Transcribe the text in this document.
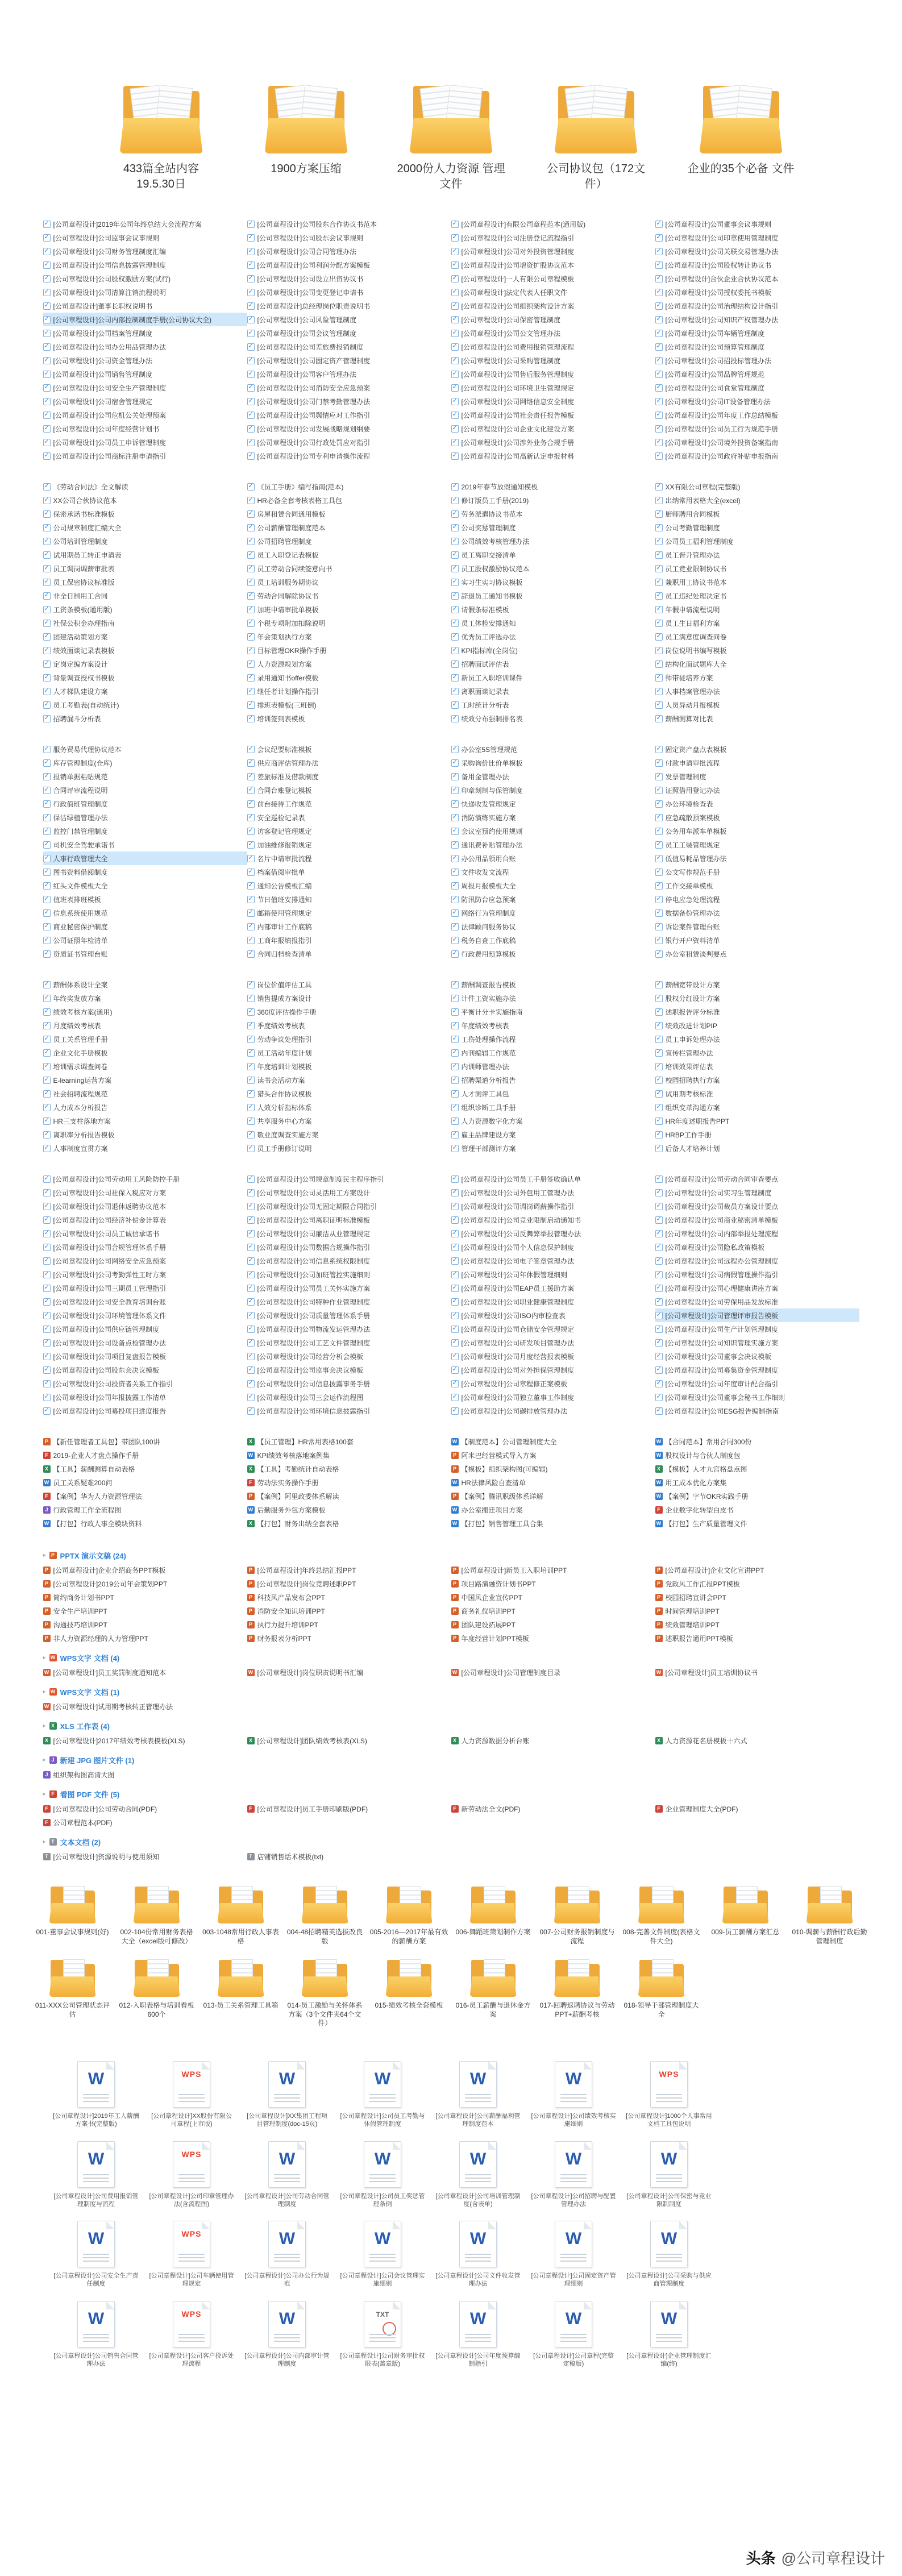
433篇全站内容 19.5.30日
1900方案压缩	2000份人力资源 管理文件
公司协议包（172文件）
企业的35个必备 文件
✓
[公司章程设计]2019年公司年终总结大会流程方案 ✓	[公司章程设计]公司股东合作协议书范本 ✓	[公司章程设计]有限公司章程范本(通用版) ✓	[公司章程设计]公司董事会议事规则
✓
[公司章程设计]公司监事会议事规则 ✓	[公司章程设计]公司股东会议事规则 ✓	[公司章程设计]公司注册登记流程指引 ✓	[公司章程设计]公司印章使用管理制度
✓
[公司章程设计]公司财务管理制度汇编 ✓	[公司章程设计]公司合同管理办法 ✓	[公司章程设计]公司对外投资管理制度 ✓	[公司章程设计]公司关联交易管理办法
✓
[公司章程设计]公司信息披露管理制度 ✓	[公司章程设计]公司利润分配方案模板 ✓	[公司章程设计]公司增资扩股协议范本 ✓	[公司章程设计]公司股权转让协议书
✓
[公司章程设计]公司股权激励方案(试行) ✓	[公司章程设计]公司设立出资协议书 ✓	[公司章程设计]一人有限公司章程模板 ✓	[公司章程设计]合伙企业合伙协议范本
✓
[公司章程设计]公司清算注销流程说明 ✓	[公司章程设计]公司变更登记申请书 ✓	[公司章程设计]法定代表人任职文件 ✓	[公司章程设计]公司授权委托书模板
✓
[公司章程设计]董事长职权说明书 ✓	[公司章程设计]总经理岗位职责说明书 ✓	[公司章程设计]公司组织架构设计方案 ✓	[公司章程设计]公司治理结构设计指引
✓
[公司章程设计]公司内部控制制度手册(公司协议大全) ✓	[公司章程设计]公司风险管理制度 ✓	[公司章程设计]公司保密管理制度 ✓	[公司章程设计]公司知识产权管理办法
✓
[公司章程设计]公司档案管理制度 ✓	[公司章程设计]公司会议管理制度 ✓	[公司章程设计]公司公文管理办法 ✓	[公司章程设计]公司车辆管理制度
✓
[公司章程设计]公司办公用品管理办法 ✓	[公司章程设计]公司差旅费报销制度 ✓	[公司章程设计]公司费用报销管理流程 ✓	[公司章程设计]公司预算管理制度
✓
[公司章程设计]公司资金管理办法 ✓	[公司章程设计]公司固定资产管理制度 ✓	[公司章程设计]公司采购管理制度 ✓	[公司章程设计]公司招投标管理办法
✓
[公司章程设计]公司销售管理制度 ✓	[公司章程设计]公司客户管理办法 ✓	[公司章程设计]公司售后服务管理制度 ✓	[公司章程设计]公司品牌管理规范
✓
[公司章程设计]公司安全生产管理制度 ✓	[公司章程设计]公司消防安全应急预案 ✓	[公司章程设计]公司环境卫生管理规定 ✓	[公司章程设计]公司食堂管理制度
✓
[公司章程设计]公司宿舍管理规定 ✓	[公司章程设计]公司门禁考勤管理办法 ✓	[公司章程设计]公司网络信息安全制度 ✓	[公司章程设计]公司IT设备管理办法
✓
[公司章程设计]公司危机公关处理预案 ✓	[公司章程设计]公司舆情应对工作指引 ✓	[公司章程设计]公司社会责任报告模板 ✓	[公司章程设计]公司年度工作总结模板
✓
[公司章程设计]公司年度经营计划书 ✓	[公司章程设计]公司发展战略规划纲要 ✓	[公司章程设计]公司企业文化建设方案 ✓	[公司章程设计]公司员工行为规范手册
✓
[公司章程设计]公司员工申诉管理制度 ✓	[公司章程设计]公司行政处罚应对指引 ✓	[公司章程设计]公司涉外业务合规手册 ✓	[公司章程设计]公司境外投资备案指南
✓
[公司章程设计]公司商标注册申请指引 ✓	[公司章程设计]公司专利申请操作流程 ✓	[公司章程设计]公司高新认定申报材料 ✓	[公司章程设计]公司政府补贴申报指南
✓
《劳动合同法》全文解读 ✓	《员工手册》编写指南(范本) ✓	2019年春节放假通知模板 ✓	XX有限公司章程(完整版)
✓
XX公司合伙协议范本 ✓	HR必备全套考核表格工具包 ✓	修订版员工手册(2019) ✓	出纳常用表格大全(excel)
✓
保密承诺书标准模板 ✓	房屋租赁合同通用模板 ✓	劳务派遣协议书范本 ✓	厨师聘用合同模板
✓
公司规章制度汇编大全 ✓	公司薪酬管理制度范本 ✓	公司奖惩管理制度 ✓	公司考勤管理制度
✓
公司培训管理制度 ✓	公司招聘管理制度 ✓	公司绩效考核管理办法 ✓	公司员工福利管理制度
✓
试用期员工转正申请表 ✓	员工入职登记表模板 ✓	员工离职交接清单 ✓	员工晋升管理办法
✓
员工调岗调薪审批表 ✓	员工劳动合同续签意向书 ✓	员工股权激励协议范本 ✓	员工竞业限制协议书
✓
员工保密协议标准版 ✓	员工培训服务期协议 ✓	实习生实习协议模板 ✓	兼职用工协议书范本
✓
非全日制用工合同 ✓	劳动合同解除协议书 ✓	辞退员工通知书模板 ✓	员工违纪处理决定书
✓
工资条模板(通用版) ✓	加班申请审批单模板 ✓	请假条标准模板 ✓	年假申请流程说明
✓
社保公积金办理指南 ✓	个税专项附加扣除说明 ✓	员工体检安排通知 ✓	员工生日福利方案
✓
团建活动策划方案 ✓	年会策划执行方案 ✓	优秀员工评选办法 ✓	员工满意度调查问卷
✓
绩效面谈记录表模板 ✓	目标管理OKR操作手册 ✓	KPI指标库(全岗位) ✓	岗位说明书编写模板
✓
定岗定编方案设计 ✓	人力资源规划方案 ✓	招聘面试评估表 ✓	结构化面试题库大全
✓
背景调查授权书模板 ✓	录用通知书offer模板 ✓	新员工入职培训课件 ✓	师带徒培养方案
✓
人才梯队建设方案 ✓	继任者计划操作指引 ✓	离职面谈记录表 ✓	人事档案管理办法
✓
员工考勤表(自动统计) ✓	排班表模板(三班倒) ✓	工时统计分析表 ✓	人员异动月报模板
✓
招聘漏斗分析表 ✓	培训签到表模板 ✓	绩效分布强制排名表 ✓	薪酬测算对比表
✓
服务贸易代理协议范本 ✓	会议纪要标准模板 ✓	办公室5S管理规范 ✓	固定资产盘点表模板
✓
库存管理制度(仓库) ✓	供应商评估管理办法 ✓	采购询价比价单模板 ✓	付款申请审批流程
✓
报销单据粘贴规范 ✓	差旅标准及借款制度 ✓	备用金管理办法 ✓	发票管理制度
✓
合同评审流程说明 ✓	合同台账登记模板 ✓	印章刻制与保管制度 ✓	证照借用登记办法
✓
行政值班管理制度 ✓	前台接待工作规范 ✓	快递收发管理规定 ✓	办公环境检查表
✓
保洁绿植管理办法 ✓	安全巡检记录表 ✓	消防演练实施方案 ✓	应急疏散预案模板
✓
监控门禁管理制度 ✓	访客登记管理规定 ✓	会议室预约使用规则 ✓	公务用车派车单模板
✓
司机安全驾驶承诺书 ✓	加油维修报销规定 ✓	通讯费补贴管理办法 ✓	员工工装管理规定
✓
人事行政管理大全 ✓	名片申请审批流程 ✓	办公用品领用台账 ✓	低值易耗品管理办法
✓
图书资料借阅制度 ✓	档案借阅审批单 ✓	文件收发文流程 ✓	公文写作规范手册
✓
红头文件模板大全 ✓	通知公告模板汇编 ✓	周报月报模板大全 ✓	工作交接单模板
✓
值班表排班模板 ✓	节日值班安排通知 ✓	防汛防台应急预案 ✓	停电应急处理流程
✓
信息系统使用规范 ✓	邮箱使用管理规定 ✓	网络行为管理制度 ✓	数据备份管理办法
✓
商业秘密保护制度 ✓	内部审计工作底稿 ✓	法律顾问服务协议 ✓	诉讼案件管理台账
✓
公司证照年检清单 ✓	工商年报填报指引 ✓	税务自查工作底稿 ✓	银行开户资料清单
✓
资质证书管理台账 ✓	合同归档检查清单 ✓	行政费用预算模板 ✓	办公室租赁谈判要点
✓
薪酬体系设计全案 ✓	岗位价值评估工具 ✓	薪酬调查报告模板 ✓	薪酬宽带设计方案
✓
年终奖发放方案 ✓	销售提成方案设计 ✓	计件工资实施办法 ✓	股权分红设计方案
✓
绩效考核方案(通用) ✓	360度评估操作手册 ✓	平衡计分卡实施指南 ✓	述职报告评分标准
✓
月度绩效考核表 ✓	季度绩效考核表 ✓	年度绩效考核表 ✓	绩效改进计划PIP
✓
员工关系管理手册 ✓	劳动争议处理指引 ✓	工伤处理操作流程 ✓	员工申诉处理办法
✓
企业文化手册模板 ✓	员工活动年度计划 ✓	内刊编辑工作规范 ✓	宣传栏管理办法
✓
培训需求调查问卷 ✓	年度培训计划模板 ✓	内训师管理办法 ✓	培训效果评估表
✓
E-learning运营方案 ✓	读书会活动方案 ✓	招聘渠道分析报告 ✓	校园招聘执行方案
✓
社会招聘流程规范 ✓	猎头合作协议模板 ✓	人才测评工具包 ✓	试用期考核标准
✓
人力成本分析报告 ✓	人效分析指标体系 ✓	组织诊断工具手册 ✓	组织变革沟通方案
✓
HR三支柱落地方案 ✓	共享服务中心方案 ✓	人力资源数字化方案 ✓	HR年度述职报告PPT
✓
离职率分析报告模板 ✓	敬业度调查实施方案 ✓	雇主品牌建设方案 ✓	HRBP工作手册
✓
人事制度宣贯方案 ✓	员工手册修订说明 ✓	管理干部测评方案 ✓	后备人才培养计划
✓
[公司章程设计]公司劳动用工风险防控手册 ✓	[公司章程设计]公司规章制度民主程序指引 ✓	[公司章程设计]公司员工手册签收确认单 ✓	[公司章程设计]公司劳动合同审查要点
✓
[公司章程设计]公司社保入税应对方案 ✓	[公司章程设计]公司灵活用工方案设计 ✓	[公司章程设计]公司外包用工管理办法 ✓	[公司章程设计]公司实习生管理制度
✓
[公司章程设计]公司退休返聘协议范本 ✓	[公司章程设计]公司无固定期限合同指引 ✓	[公司章程设计]公司调岗调薪操作指引 ✓	[公司章程设计]公司裁员方案设计要点
✓
[公司章程设计]公司经济补偿金计算表 ✓	[公司章程设计]公司离职证明标准模板 ✓	[公司章程设计]公司竞业限制启动通知书 ✓	[公司章程设计]公司商业秘密清单模板
✓
[公司章程设计]公司员工诚信承诺书 ✓	[公司章程设计]公司廉洁从业管理规定 ✓	[公司章程设计]公司反舞弊举报管理办法 ✓	[公司章程设计]公司内部举报处理流程
✓
[公司章程设计]公司合规管理体系手册 ✓	[公司章程设计]公司数据合规操作指引 ✓	[公司章程设计]公司个人信息保护制度 ✓	[公司章程设计]公司隐私政策模板
✓
[公司章程设计]公司网络安全应急预案 ✓	[公司章程设计]公司信息系统权限制度 ✓	[公司章程设计]公司电子签章管理办法 ✓	[公司章程设计]公司远程办公管理制度
✓
[公司章程设计]公司考勤弹性工时方案 ✓	[公司章程设计]公司加班管控实施细则 ✓	[公司章程设计]公司年休假管理细则 ✓	[公司章程设计]公司病假管理操作指引
✓
[公司章程设计]公司三期员工管理指引 ✓	[公司章程设计]公司员工关怀实施方案 ✓	[公司章程设计]公司EAP员工援助方案 ✓	[公司章程设计]公司心理健康讲座方案
✓
[公司章程设计]公司安全教育培训台账 ✓	[公司章程设计]公司特种作业管理制度 ✓	[公司章程设计]公司职业健康管理制度 ✓	[公司章程设计]公司劳保用品发放标准
✓
[公司章程设计]公司环境管理体系文件 ✓	[公司章程设计]公司质量管理体系手册 ✓	[公司章程设计]公司ISO内审检查表 ✓	[公司章程设计]公司管理评审报告模板
✓
[公司章程设计]公司供应链管理制度 ✓	[公司章程设计]公司物流发运管理办法 ✓	[公司章程设计]公司仓储安全管理规定 ✓	[公司章程设计]公司生产计划管理制度
✓
[公司章程设计]公司设备点检管理办法 ✓	[公司章程设计]公司工艺文件管理制度 ✓	[公司章程设计]公司研发项目管理办法 ✓	[公司章程设计]公司知识管理实施方案
✓
[公司章程设计]公司项目复盘报告模板 ✓	[公司章程设计]公司经营分析会模板 ✓	[公司章程设计]公司月度经营报表模板 ✓	[公司章程设计]公司董事会决议模板
✓
[公司章程设计]公司股东会决议模板 ✓	[公司章程设计]公司监事会决议模板 ✓	[公司章程设计]公司对外担保管理制度 ✓	[公司章程设计]公司募集资金管理制度
✓
[公司章程设计]公司投资者关系工作指引 ✓	[公司章程设计]公司信息披露事务手册 ✓	[公司章程设计]公司章程修正案模板 ✓	[公司章程设计]公司年度审计配合指引
✓
[公司章程设计]公司年报披露工作清单 ✓	[公司章程设计]公司三会运作流程图 ✓	[公司章程设计]公司独立董事工作制度 ✓	[公司章程设计]公司董事会秘书工作细则
✓
[公司章程设计]公司募投项目进度报告 ✓	[公司章程设计]公司环境信息披露指引 ✓	[公司章程设计]公司碳排放管理办法 ✓	[公司章程设计]公司ESG报告编制指南
P
【新任管理者工具包】带团队100讲 X	【员工管理】HR常用表格100套 W	【制度范本】公司管理制度大全 W	【合同范本】常用合同300份
F
2019-企业人才盘点操作手册 W	KPI绩效考核落地案例集 P	阿米巴经营模式导入方案 W	股权设计与合伙人制度包
X
【工具】薪酬测算自动表格 X	【工具】考勤统计自动表格 P	【模板】组织架构图(可编辑) X	【模板】人才九宫格盘点图
W
员工关系疑难200问 F	劳动法实务操作手册 W	HR法律风险自查清单 W	用工成本优化方案集
F
【案例】华为人力资源管理法 P	【案例】阿里政委体系解读 P	【案例】腾讯职级体系详解 W	【案例】字节OKR实践手册
J
行政管理工作全流程图 W	后勤服务外包方案模板 W	办公室搬迁项目方案 F	企业数字化转型白皮书
W
【打包】行政人事全模块资料 X	【打包】财务出纳全套表格 W	【打包】销售管理工具合集 W	【打包】生产质量管理文件
▸ P PPTX 演示文稿 (24)
P
[公司章程设计]企业介绍商务PPT模板 P	[公司章程设计]年终总结汇报PPT P	[公司章程设计]新员工入职培训PPT P	[公司章程设计]企业文化宣讲PPT
P
[公司章程设计]2019公司年会策划PPT P	[公司章程设计]岗位竞聘述职PPT P	项目路演融资计划书PPT P	党政风工作汇报PPT模板
P
简约商务计划书PPT P	科技风产品发布会PPT P	中国风企业宣传PPT P	校园招聘宣讲会PPT
P
安全生产培训PPT P	消防安全知识培训PPT P	商务礼仪培训PPT P	时间管理培训PPT
P
沟通技巧培训PPT P	执行力提升培训PPT P	团队建设拓展PPT P	绩效管理培训PPT
P
非人力资源经理的人力管理PPT P	财务报表分析PPT P	年度经营计划PPT模板 P	述职报告通用PPT模板
▸ W WPS文字 文档 (4)
W
[公司章程设计]员工奖罚制度通知范本 W	[公司章程设计]岗位职责说明书汇编 W	[公司章程设计]公司管理制度目录 W	[公司章程设计]员工培训协议书
▸ W WPS文字 文档 (1)
W
[公司章程设计]试用期考核转正管理办法
▸ X XLS 工作表 (4)
X
[公司章程设计]2017年绩效考核表模板(XLS) X	[公司章程设计]团队绩效考核表(XLS) X	人力资源数据分析台账 X	人力资源花名册模板十六式
▸ J 新建 JPG 图片文件 (1)
J
组织架构图高清大图
▸ F 看图 PDF 文件 (5)
F
[公司章程设计]公司劳动合同(PDF) F	[公司章程设计]员工手册印刷版(PDF) F	新劳动法全文(PDF) F	企业管理制度大全(PDF)
F
公司章程范本(PDF)
▸ T 文本文档 (2)
T
[公司章程设计]资源说明与使用须知 T	店铺销售话术模板(txt)
001-董事会议事规则(好)	002-104份常用财务表格大全（excel版可修改）
003-1048常用行政人事表格
004-48招聘精英选拔改良版
005-2016—2017年最有效的薪酬方案
006-舞蹈班策划制作方案	007-公司财务报销制度与流程
008-完善文件制度(表格文件大全)
009-员工薪酬方案汇总	010-调薪与薪酬行政后勤管理制度
011-XXX公司管理状态评估
012-入职表格与培训看板600个
013-员工关系管理工具箱	014-员工激励与关怀体系方案（3个文件夹64个文件）
015-绩效考核全套模板	016-员工薪酬与退休金方案
017-回聘返聘协议与劳动PPT+薪酬考核
018-领导干部管理制度大全
W
[公司章程设计]2019年工人薪酬方案书(完整版)
WPS
[公司章程设计]XX股份有限公司章程(上市版)
W
[公司章程设计]XX集团工程项目管理制度(doc-15页)
W
[公司章程设计]公司员工考勤与休假管理制度
W
[公司章程设计]公司薪酬福利管理制度范本
W
[公司章程设计]公司绩效考核实施细则
WPS
[公司章程设计]1000个人事常用文档工具包说明
W
[公司章程设计]公司费用报销管理制度与流程
WPS
[公司章程设计]公司印章管理办法(含流程图)
W
[公司章程设计]公司劳动合同管理制度
W
[公司章程设计]公司员工奖惩管理条例
W
[公司章程设计]公司培训管理制度(含表单)
W
[公司章程设计]公司招聘与配置管理办法
W
[公司章程设计]公司保密与竞业限制制度
W
[公司章程设计]公司安全生产责任制度
WPS
[公司章程设计]公司车辆使用管理规定
W
[公司章程设计]公司办公行为规范
W
[公司章程设计]公司会议管理实施细则
W
[公司章程设计]公司文件收发管理办法
W
[公司章程设计]公司固定资产管理细则
W
[公司章程设计]公司采购与供应商管理制度
W
[公司章程设计]公司销售合同管理办法
WPS
[公司章程设计]公司客户投诉处理流程
W
[公司章程设计]公司内部审计管理制度
TXT
[公司章程设计]公司财务审批权限表(盖章版)
W
[公司章程设计]公司年度预算编制指引
W
[公司章程设计]公司章程(完整定稿版)
W
[公司章程设计]企业管理制度汇编(终)
头条 @公司章程设计
